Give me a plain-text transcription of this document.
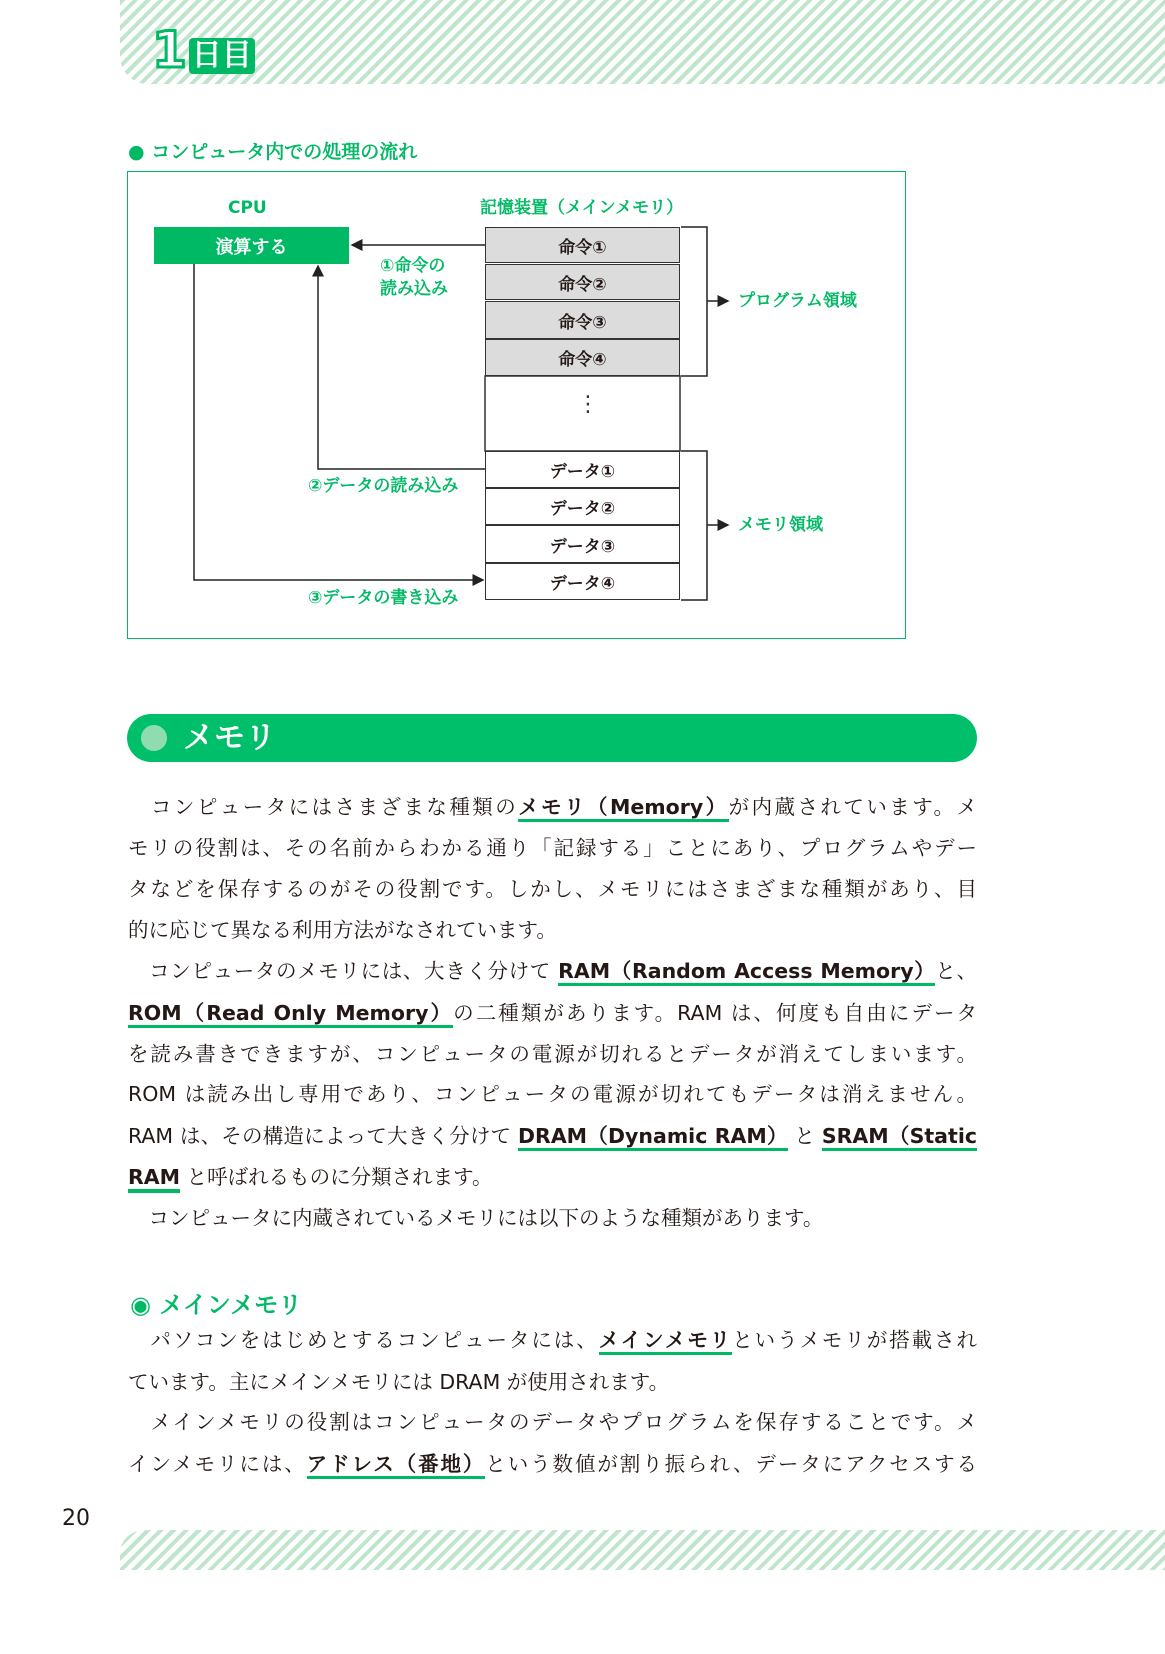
1 日目
● コンピュータ内での処理の流れ
CPU
演算する
記憶装置（メインメモリ）
命令①
命令②
命令③
命令④
⋮
データ①
データ②
データ③
データ④
プログラム領域
メモリ領域
①命令の
読み込み
②データの読み込み
③データの書き込み
メモリ
　コンピュータにはさまざまな種類のメモリ（Memory）が内蔵されています。メ
モリの役割は、その名前からわかる通り「記録する」ことにあり、プログラムやデー
タなどを保存するのがその役割です。しかし、メモリにはさまざまな種類があり、目
的に応じて異なる利用方法がなされています。
　コンピュータのメモリには、大きく分けて RAM（Random Access Memory）と、
ROM（Read Only Memory）の二種類があります。RAM は、何度も自由にデータ
を読み書きできますが、コンピュータの電源が切れるとデータが消えてしまいます。
ROM は読み出し専用であり、コンピュータの電源が切れてもデータは消えません。
RAM は、その構造によって大きく分けて DRAM（Dynamic RAM） と SRAM（Static
RAM と呼ばれるものに分類されます。
　コンピュータに内蔵されているメモリには以下のような種類があります。
　パソコンをはじめとするコンピュータには、メインメモリというメモリが搭載され
ています。主にメインメモリには DRAM が使用されます。
　メインメモリの役割はコンピュータのデータやプログラムを保存することです。メ
インメモリには、アドレス（番地）という数値が割り振られ、データにアクセスする
◉ メインメモリ
20
